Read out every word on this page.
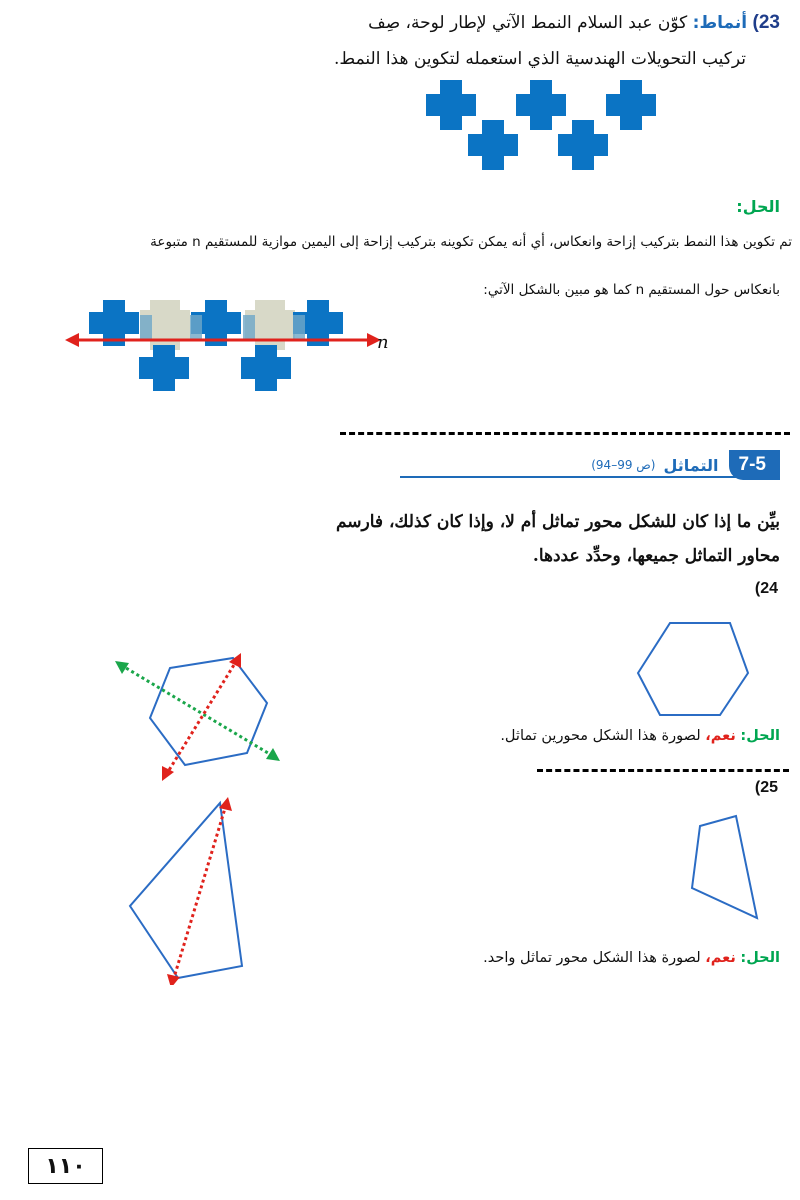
23) أنماط: كوّن عبد السلام النمط الآتي لإطار لوحة، صِف
تركيب التحويلات الهندسية الذي استعمله لتكوين هذا النمط.
الحل:
تم تكوين هذا النمط بتركيب إزاحة وانعكاس، أي أنه يمكن تكوينه بتركيب إزاحة إلى اليمين موازية للمستقيم n متبوعة
بانعكاس حول المستقيم n كما هو مبين بالشكل الآتي:
n
7-5
التماثل
(ص 99–94)
بيِّن ما إذا كان للشكل محور تماثل أم لا، وإذا كان كذلك، فارسم
محاور التماثل جميعها، وحدِّد عددها.
(24
الحل: نعم، لصورة هذا الشكل محورين تماثل.
(25
الحل: نعم، لصورة هذا الشكل محور تماثل واحد.
١١٠
